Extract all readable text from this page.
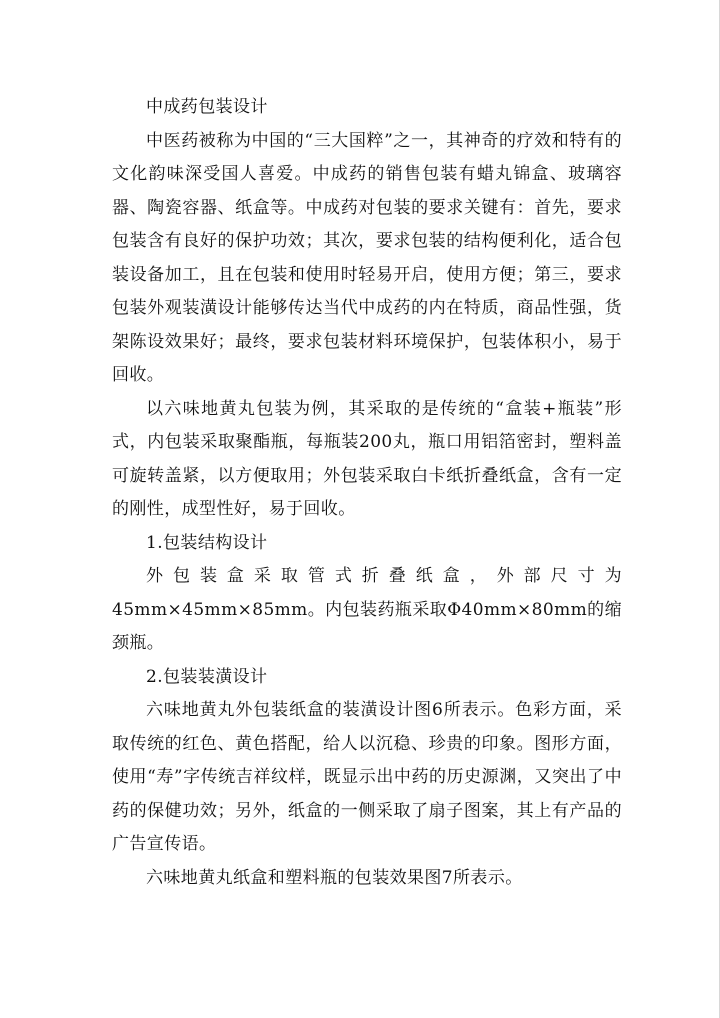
中成药包装设计

中医药被称为中国的“三大国粹”之一，其神奇的疗效和特有的文化韵味深受国人喜爱。中成药的销售包装有蜡丸锦盒、玻璃容器、陶瓷容器、纸盒等。中成药对包装的要求关键有：首先，要求包装含有良好的保护功效；其次，要求包装的结构便利化，适合包装设备加工，且在包装和使用时轻易开启，使用方便；第三，要求包装外观装潢设计能够传达当代中成药的内在特质，商品性强，货架陈设效果好；最终，要求包装材料环境保护，包装体积小，易于回收。

以六味地黄丸包装为例，其采取的是传统的“盒装+瓶装”形式，内包装采取聚酯瓶，每瓶装200丸，瓶口用铝箔密封，塑料盖可旋转盖紧，以方便取用；外包装采取白卡纸折叠纸盒，含有一定的刚性，成型性好，易于回收。

1.包装结构设计

外包装盒采取管式折叠纸盒，外部尺寸为45mm×45mm×85mm。内包装药瓶采取Φ40mm×80mm的缩颈瓶。

2.包装装潢设计

六味地黄丸外包装纸盒的装潢设计图6所表示。色彩方面，采取传统的红色、黄色搭配，给人以沉稳、珍贵的印象。图形方面，使用“寿”字传统吉祥纹样，既显示出中药的历史源渊，又突出了中药的保健功效；另外，纸盒的一侧采取了扇子图案，其上有产品的广告宣传语。

六味地黄丸纸盒和塑料瓶的包装效果图7所表示。
